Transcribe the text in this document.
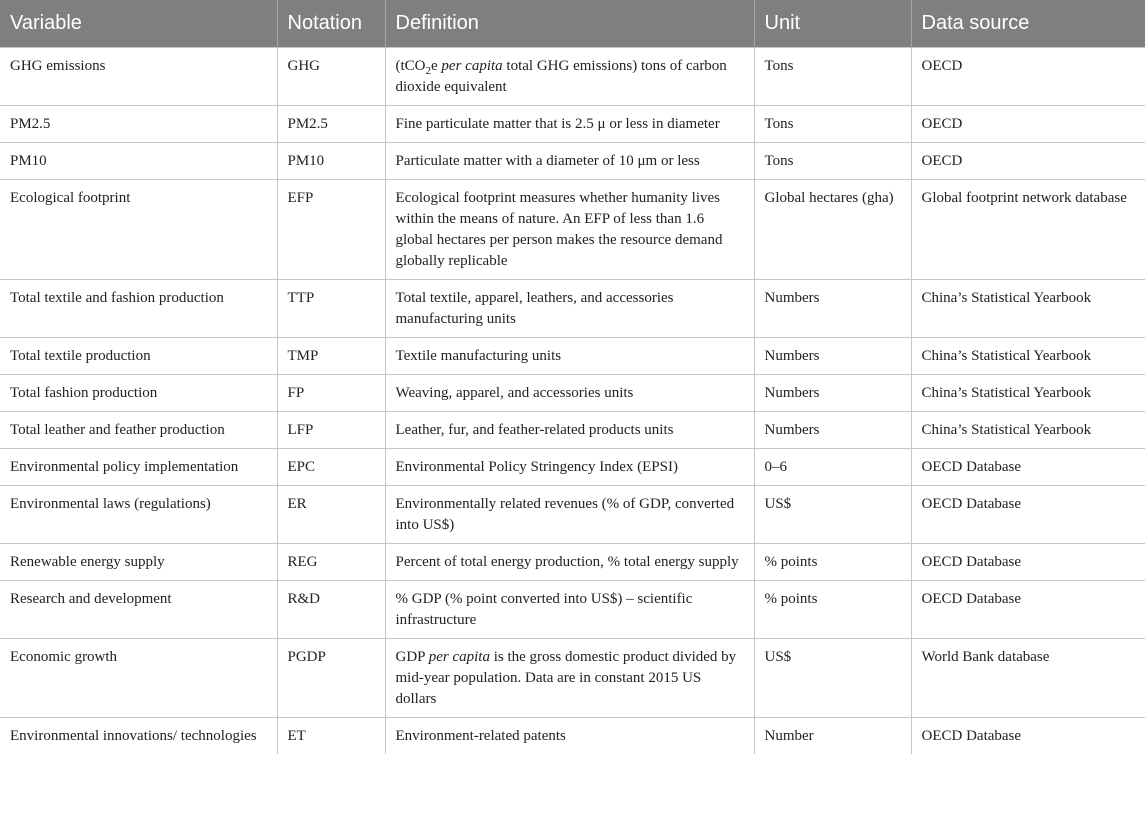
Variable	Notation	Definition	Unit	Data source
GHG emissions	GHG	(tCO$_2$e per capita total GHG emissions) tons of carbon dioxide equivalent	Tons	OECD
PM2.5	PM2.5	Fine particulate matter that is 2.5 μ or less in diameter	Tons	OECD
PM10	PM10	Particulate matter with a diameter of 10 μm or less	Tons	OECD
Ecological footprint	EFP	Ecological footprint measures whether humanity lives within the means of nature. An EFP of less than 1.6 global hectares per person makes the resource demand globally replicable	Global hectares (gha)	Global footprint network database
Total textile and fashion production	TTP	Total textile, apparel, leathers, and accessories manufacturing units	Numbers	China’s Statistical Yearbook
Total textile production	TMP	Textile manufacturing units	Numbers	China’s Statistical Yearbook
Total fashion production	FP	Weaving, apparel, and accessories units	Numbers	China’s Statistical Yearbook
Total leather and feather production	LFP	Leather, fur, and feather-related products units	Numbers	China’s Statistical Yearbook
Environmental policy implementation	EPC	Environmental Policy Stringency Index (EPSI)	0–6	OECD Database
Environmental laws (regulations)	ER	Environmentally related revenues (% of GDP, converted into US$)	US$	OECD Database
Renewable energy supply	REG	Percent of total energy production, % total energy supply	% points	OECD Database
Research and development	R&D	% GDP (% point converted into US$) – scientific infrastructure	% points	OECD Database
Economic growth	PGDP	GDP per capita is the gross domestic product divided by mid-year population. Data are in constant 2015 US dollars	US$	World Bank database
Environmental innovations/ technologies	ET	Environment-related patents	Number	OECD Database
